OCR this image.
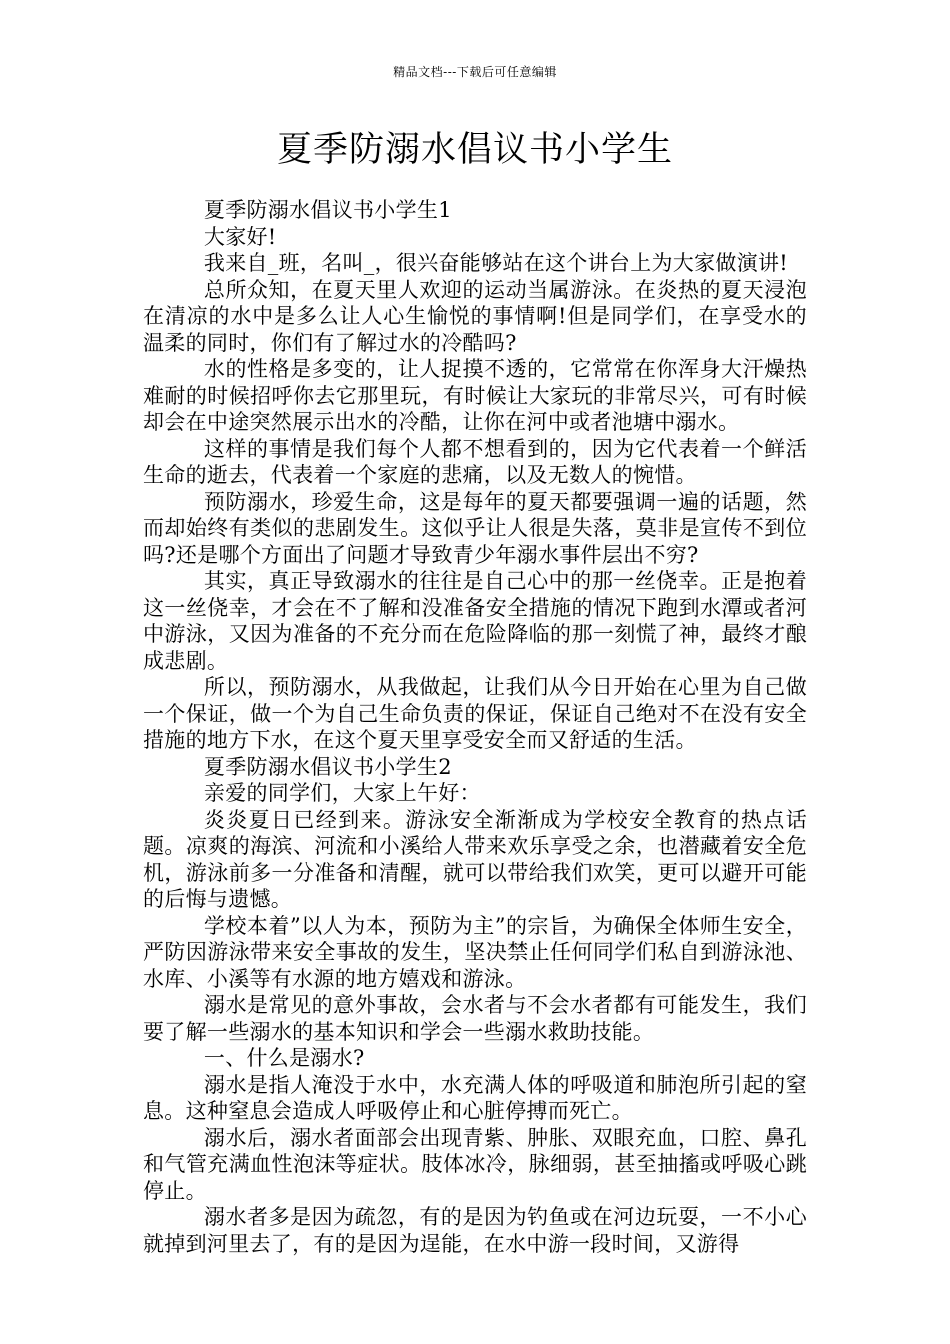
精品文档---下载后可任意编辑
夏季防溺水倡议书小学生

夏季防溺水倡议书小学生1

大家好!

我来自_班，名叫_，很兴奋能够站在这个讲台上为大家做演讲!

总所众知，在夏天里人欢迎的运动当属游泳。在炎热的夏天浸泡在清凉的水中是多么让人心生愉悦的事情啊!但是同学们，在享受水的温柔的同时，你们有了解过水的冷酷吗?

水的性格是多变的，让人捉摸不透的，它常常在你浑身大汗燥热难耐的时候招呼你去它那里玩，有时候让大家玩的非常尽兴，可有时候却会在中途突然展示出水的冷酷，让你在河中或者池塘中溺水。

这样的事情是我们每个人都不想看到的，因为它代表着一个鲜活生命的逝去，代表着一个家庭的悲痛，以及无数人的惋惜。

预防溺水，珍爱生命，这是每年的夏天都要强调一遍的话题，然而却始终有类似的悲剧发生。这似乎让人很是失落，莫非是宣传不到位吗?还是哪个方面出了问题才导致青少年溺水事件层出不穷?

其实，真正导致溺水的往往是自己心中的那一丝侥幸。正是抱着这一丝侥幸，才会在不了解和没准备安全措施的情况下跑到水潭或者河中游泳，又因为准备的不充分而在危险降临的那一刻慌了神，最终才酿成悲剧。

所以，预防溺水，从我做起，让我们从今日开始在心里为自己做一个保证，做一个为自己生命负责的保证，保证自己绝对不在没有安全措施的地方下水，在这个夏天里享受安全而又舒适的生活。

夏季防溺水倡议书小学生2

亲爱的同学们，大家上午好：

炎炎夏日已经到来。游泳安全渐渐成为学校安全教育的热点话题。凉爽的海滨、河流和小溪给人带来欢乐享受之余，也潜藏着安全危机，游泳前多一分准备和清醒，就可以带给我们欢笑，更可以避开可能的后悔与遗憾。

学校本着”以人为本，预防为主”的宗旨，为确保全体师生安全，严防因游泳带来安全事故的发生，坚决禁止任何同学们私自到游泳池、水库、小溪等有水源的地方嬉戏和游泳。

溺水是常见的意外事故，会水者与不会水者都有可能发生，我们要了解一些溺水的基本知识和学会一些溺水救助技能。

一、什么是溺水?

溺水是指人淹没于水中，水充满人体的呼吸道和肺泡所引起的窒息。这种窒息会造成人呼吸停止和心脏停搏而死亡。

溺水后，溺水者面部会出现青紫、肿胀、双眼充血，口腔、鼻孔和气管充满血性泡沫等症状。肢体冰冷，脉细弱，甚至抽搐或呼吸心跳停止。

溺水者多是因为疏忽，有的是因为钓鱼或在河边玩耍，一不小心就掉到河里去了，有的是因为逞能，在水中游一段时间，又游得
